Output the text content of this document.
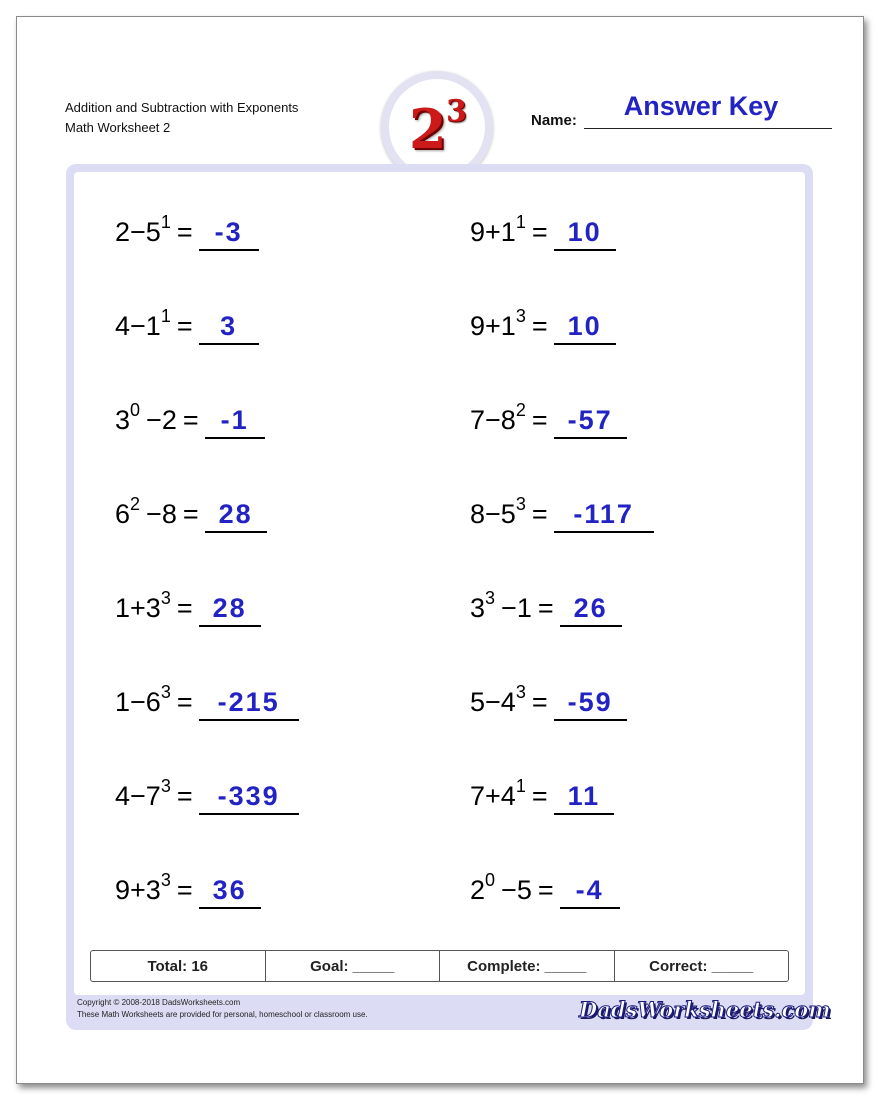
Addition and Subtraction with Exponents
Math Worksheet 2	2 3	Name:	Answer Key
$2-5^1 = -3$	$9+1^1 = 10$
$4-1^1 = 3$	$9+1^3 = 10$
$3^0 -2 = -1$	$7-8^2 = -57$
$6^2 -8 = 28$	$8-5^3 = -117$
$1+3^3 = 28$	$3^3 -1 = 26$
$1-6^3 = -215$	$5-4^3 = -59$
$4-7^3 = -339$	$7+4^1 = 11$
$9+3^3 = 36$	$2^0 -5 = -4$
Total: 16	Goal: _____	Complete: _____	Correct: _____
Copyright © 2008-2018 DadsWorksheets.com
These Math Worksheets are provided for personal, homeschool or classroom use.	DadsWorksheets.com
